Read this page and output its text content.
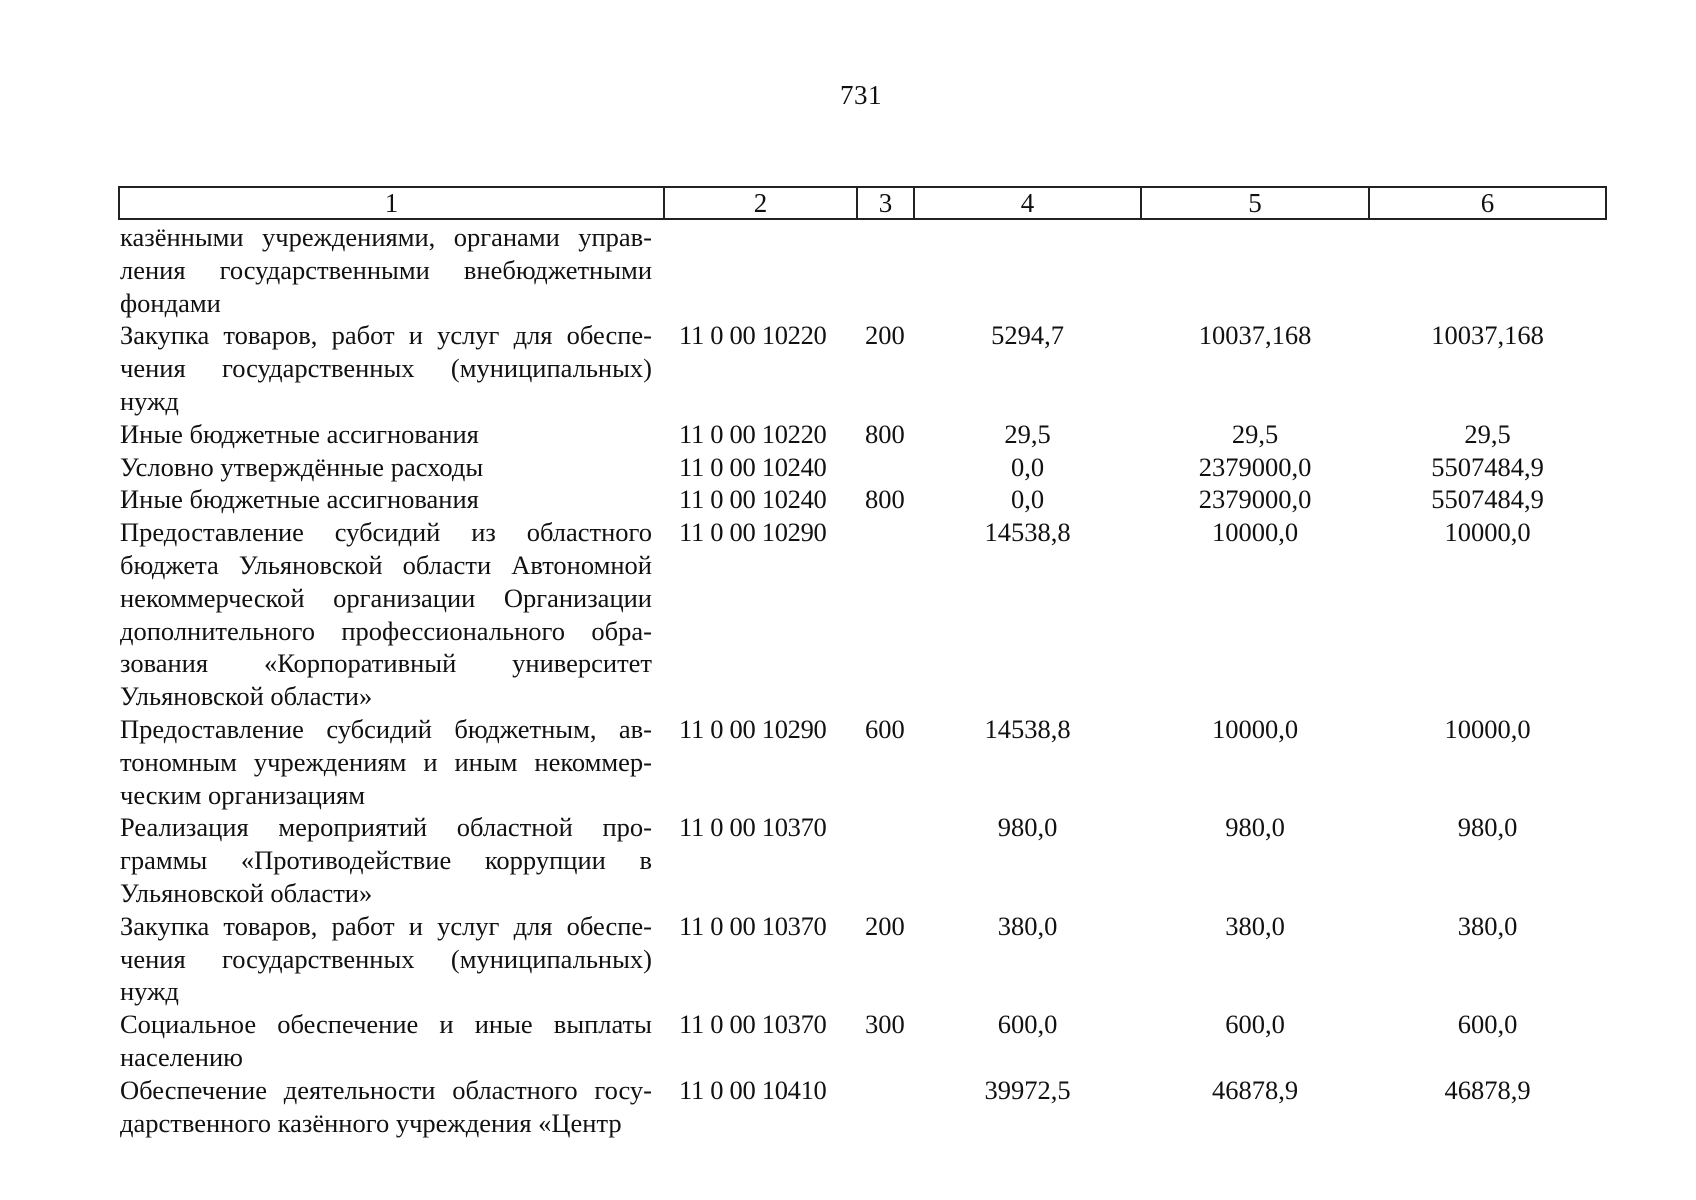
731
1	2	3	4	5	6
казёнными учреждениями, органами управления государственными внебюджетными фондами					
Закупка товаров, работ и услуг для обеспечения государственных (муниципальных) нужд	11 0 00 10220	200	5294,7	10037,168	10037,168
Иные бюджетные ассигнования	11 0 00 10220	800	29,5	29,5	29,5
Условно утверждённые расходы	11 0 00 10240		0,0	2379000,0	5507484,9
Иные бюджетные ассигнования	11 0 00 10240	800	0,0	2379000,0	5507484,9
Предоставление субсидий из областного бюджета Ульяновской области Автономной некоммерческой организации Организации дополнительного профессионального образования «Корпоративный университет Ульяновской области»	11 0 00 10290		14538,8	10000,0	10000,0
Предоставление субсидий бюджетным, автономным учреждениям и иным некоммерческим организациям	11 0 00 10290	600	14538,8	10000,0	10000,0
Реализация мероприятий областной программы «Противодействие коррупции в Ульяновской области»	11 0 00 10370		980,0	980,0	980,0
Закупка товаров, работ и услуг для обеспечения государственных (муниципальных) нужд	11 0 00 10370	200	380,0	380,0	380,0
Социальное обеспечение и иные выплаты населению	11 0 00 10370	300	600,0	600,0	600,0
Обеспечение деятельности областного государственного казённого учреждения «Центр	11 0 00 10410		39972,5	46878,9	46878,9
